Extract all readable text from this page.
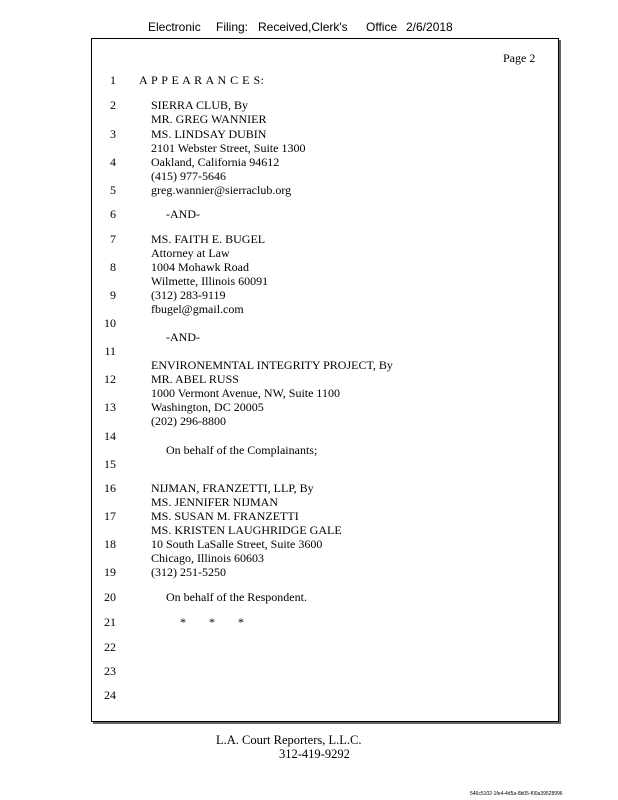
Electronic Filing: Received,Clerk's Office 2/6/2018
Page 2
1
2
3
4
5
6
7
8
9
10
11
12
13
14
15
16
17
18
19
20
21
22
23
24
A P P E A R A N C E S:
SIERRA CLUB, By
MR. GREG WANNIER
MS. LINDSAY DUBIN
2101 Webster Street, Suite 1300
Oakland, California 94612
(415) 977-5646
greg.wannier@sierraclub.org
-AND-
MS. FAITH E. BUGEL
Attorney at Law
1004 Mohawk Road
Wilmette, Illinois 60091
(312) 283-9119
fbugel@gmail.com
-AND-
ENVIRONEMNTAL INTEGRITY PROJECT, By
MR. ABEL RUSS
1000 Vermont Avenue, NW, Suite 1100
Washington, DC 20005
(202) 296-8800
On behalf of the Complainants;
NIJMAN, FRANZETTI, LLP, By
MS. JENNIFER NIJMAN
MS. SUSAN M. FRANZETTI
MS. KRISTEN LAUGHRIDGE GALE
10 South LaSalle Street, Suite 3600
Chicago, Illinois 60603
(312) 251-5250
On behalf of the Respondent.
* * *
L.A. Court Reporters, L.L.C.
312-419-9292
546c5102-1fe4-4d5a-8b05-f00a39528996
